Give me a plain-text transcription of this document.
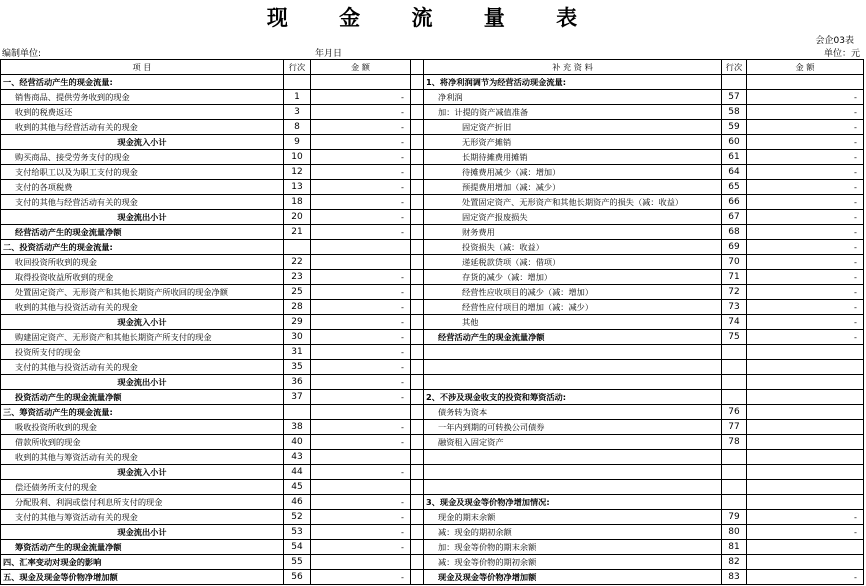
现 金 流 量 表
会企03表
编制单位:	年月日	单位：元
项 目	行次	金 额		补 充 资 料	行次	金 额
一、经营活动产生的现金流量:				1、将净利润调节为经营活动现金流量:		
销售商品、提供劳务收到的现金	1	-		净利润	57	-
收到的税费返还	3	-		加：计提的资产减值准备	58	-
收到的其他与经营活动有关的现金	8	-		固定资产折旧	59	-
现金流入小计	9	-		无形资产摊销	60	-
购买商品、接受劳务支付的现金	10	-		长期待摊费用摊销	61	-
支付给职工以及为职工支付的现金	12	-		待摊费用减少（减：增加）	64	-
支付的各项税费	13	-		预提费用增加（减：减少）	65	-
支付的其他与经营活动有关的现金	18	-		处置固定资产、无形资产和其他长期资产的损失（减：收益）	66	-
现金流出小计	20	-		固定资产报废损失	67	-
经营活动产生的现金流量净额	21	-		财务费用	68	-
二、投资活动产生的现金流量:				投资损失（减：收益）	69	-
收回投资所收到的现金	22			递延税款贷项（减：借项）	70	-
取得投资收益所收到的现金	23	-		存货的减少（减：增加）	71	-
处置固定资产、无形资产和其他长期资产所收回的现金净额	25	-		经营性应收项目的减少（减：增加）	72	-
收到的其他与投资活动有关的现金	28	-		经营性应付项目的增加（减：减少）	73	-
现金流入小计	29	-		其他	74	-
购建固定资产、无形资产和其他长期资产所支付的现金	30	-		经营活动产生的现金流量净额	75	-
投资所支付的现金	31	-				
支付的其他与投资活动有关的现金	35	-				
现金流出小计	36	-				
投资活动产生的现金流量净额	37	-		2、不涉及现金收支的投资和筹资活动:		
三、筹资活动产生的现金流量:				债务转为资本	76	
吸收投资所收到的现金	38	-		一年内到期的可转换公司债券	77	
借款所收到的现金	40	-		融资租入固定资产	78	
收到的其他与筹资活动有关的现金	43					
现金流入小计	44	-				
偿还债务所支付的现金	45					
分配股利、利润或偿付利息所支付的现金	46	-		3、现金及现金等价物净增加情况:		
支付的其他与筹资活动有关的现金	52	-		现金的期末余额	79	-
现金流出小计	53	-		减：现金的期初余额	80	-
筹资活动产生的现金流量净额	54	-		加：现金等价物的期末余额	81	
四、汇率变动对现金的影响	55			减：现金等价物的期初余额	82	
五、现金及现金等价物净增加额	56	-		现金及现金等价物净增加额	83	-
